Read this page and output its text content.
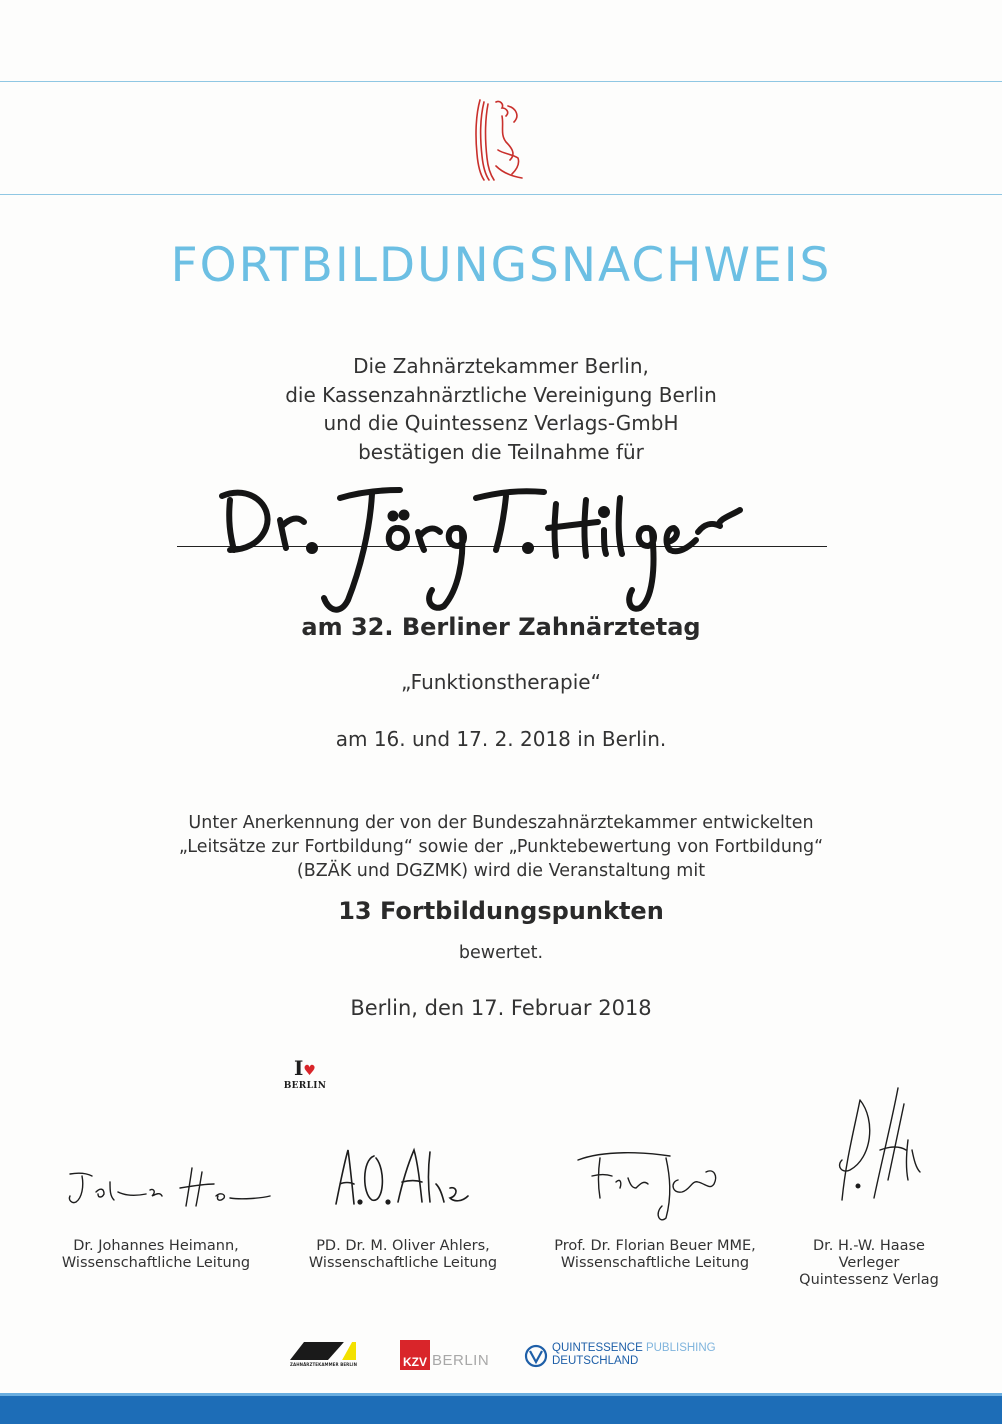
FORTBILDUNGSNACHWEIS
Die Zahnärztekammer Berlin,
die Kassenzahnärztliche Vereinigung Berlin
und die Quintessenz Verlags-GmbH
bestätigen die Teilnahme für
am 32. Berliner Zahnärztetag
„Funktionstherapie“
am 16. und 17. 2. 2018 in Berlin.
Unter Anerkennung der von der Bundeszahnärztekammer entwickelten
„Leitsätze zur Fortbildung“ sowie der „Punktebewertung von Fortbildung“
(BZÄK und DGZMK) wird die Veranstaltung mit
13 Fortbildungspunkten
bewertet.
Berlin, den 17. Februar 2018
I♥
BERLIN
Dr. Johannes Heimann,
Wissenschaftliche Leitung
PD. Dr. M. Oliver Ahlers,
Wissenschaftliche Leitung
Prof. Dr. Florian Beuer MME,
Wissenschaftliche Leitung
Dr. H.-W. Haase
Verleger
Quintessenz Verlag
ZAHNÄRZTEKAMMER BERLIN	KZV BERLIN
QUINTESSENCE PUBLISHING
DEUTSCHLAND
